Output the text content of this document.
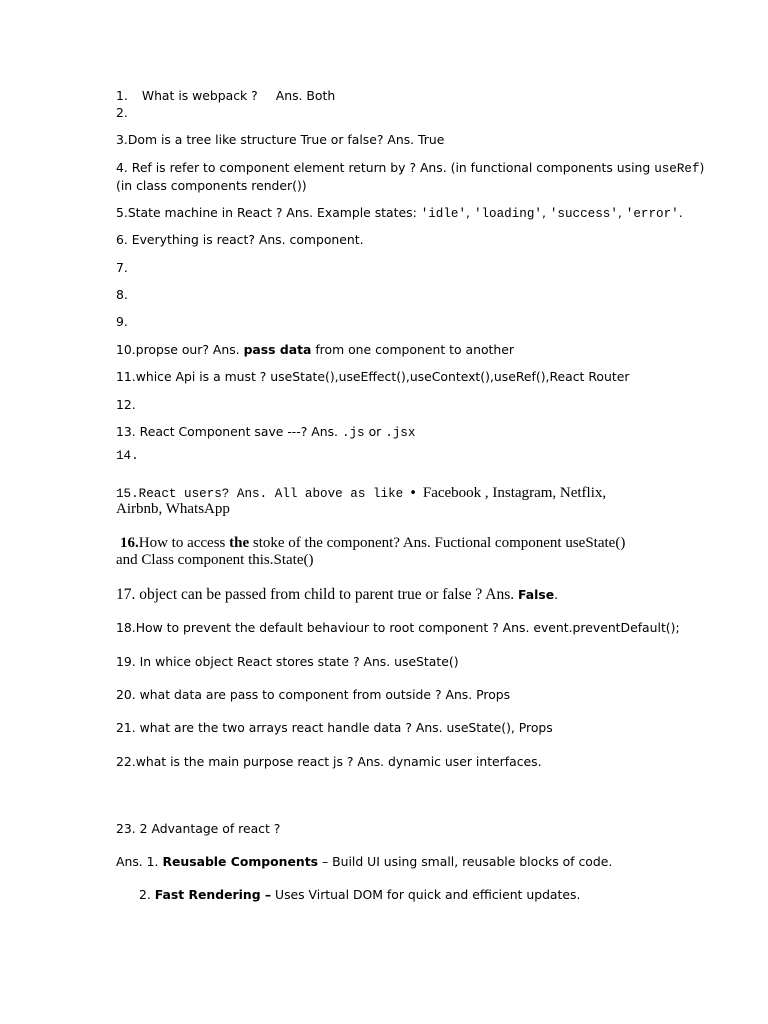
1. What is webpack ? Ans. Both
2.
3.Dom is a tree like structure True or false? Ans. True
4. Ref is refer to component element return by ? Ans. (in functional components using useRef)
(in class components render())
5.State machine in React ? Ans. Example states: 'idle', 'loading', 'success', 'error'.
6. Everything is react? Ans. component.
7.
8.
9.
10.propse our? Ans. pass data from one component to another
11.whice Api is a must ? useState(),useEffect(),useContext(),useRef(),React Router
12.
13. React Component save ---? Ans. .js or .jsx
14.
15.React users? Ans. All above as like • Facebook , Instagram, Netflix,
Airbnb, WhatsApp
16.How to access the stoke of the component? Ans. Fuctional component useState()
and Class component this.State()
17. object can be passed from child to parent true or false ? Ans. False.
18.How to prevent the default behaviour to root component ? Ans. event.preventDefault();
19. In whice object React stores state ? Ans. useState()
20. what data are pass to component from outside ? Ans. Props
21. what are the two arrays react handle data ? Ans. useState(), Props
22.what is the main purpose react js ? Ans. dynamic user interfaces.
23. 2 Advantage of react ?
Ans. 1. Reusable Components – Build UI using small, reusable blocks of code.
2. Fast Rendering – Uses Virtual DOM for quick and efficient updates.
